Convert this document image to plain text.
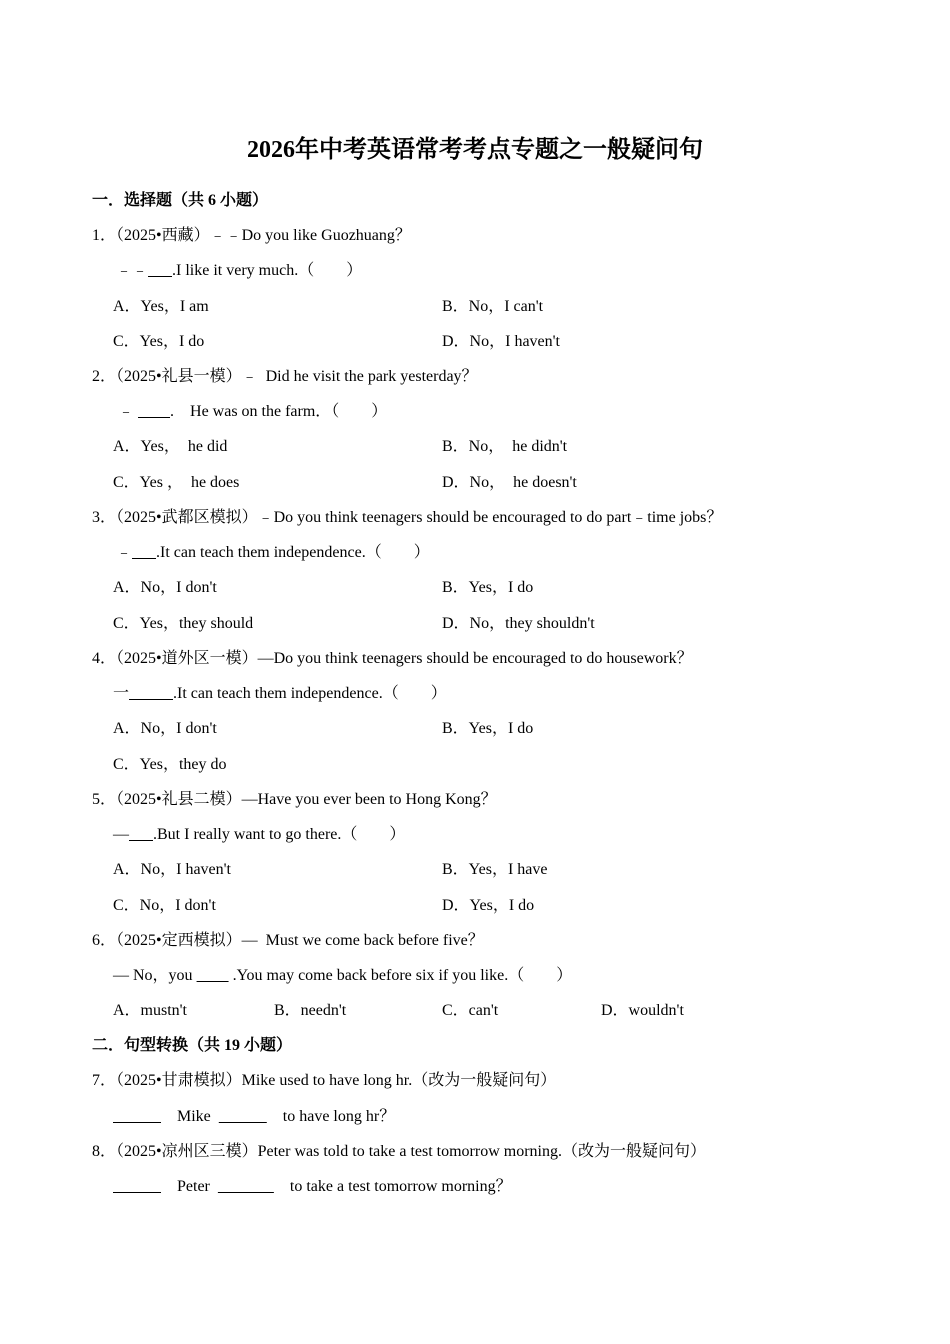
2026年中考英语常考考点专题之一般疑问句
一．选择题（共 6 小题）
1．（2025•西藏）﹣﹣Do you like Guozhuang？
﹣﹣ .I like it very much.（　　）
A．Yes，I am	B．No，I can't
C．Yes，I do	D．No，I haven't
2．（2025•礼县一模）﹣  Did he visit the park yesterday？
﹣         .    He was on the farm．（　　）
A．Yes，  he did	B．No，  he didn't
C．Yes ，  he does	D．No，  he doesn't
3．（2025•武都区模拟）﹣Do you think teenagers should be encouraged to do part﹣time jobs？
﹣ .It can teach them independence.（　　）
A．No，I don't	B．Yes，I do
C．Yes，they should	D．No，they shouldn't
4．（2025•道外区一模）—Do you think teenagers should be encouraged to do housework？
一	.It can teach them independence.（　　）
A．No，I don't	B．Yes，I do
C．Yes，they do
5．（2025•礼县二模）—Have you ever been to Hong Kong？
— .But I really want to go there.（　　）
A．No，I haven't	B．Yes，I have
C．No，I don't	D．Yes，I do
6．（2025•定西模拟）—  Must we come back before five？
— No，you          .You may come back before six if you like.（　　）
A．mustn't	B．needn't	C．can't	D．wouldn't
二．句型转换（共 19 小题）
7．（2025•甘肃模拟）Mike used to have long hr.（改为一般疑问句）
Mike	to have long hr？
8．（2025•凉州区三模）Peter was told to take a test tomorrow morning.（改为一般疑问句）
Peter	to take a test tomorrow morning？
